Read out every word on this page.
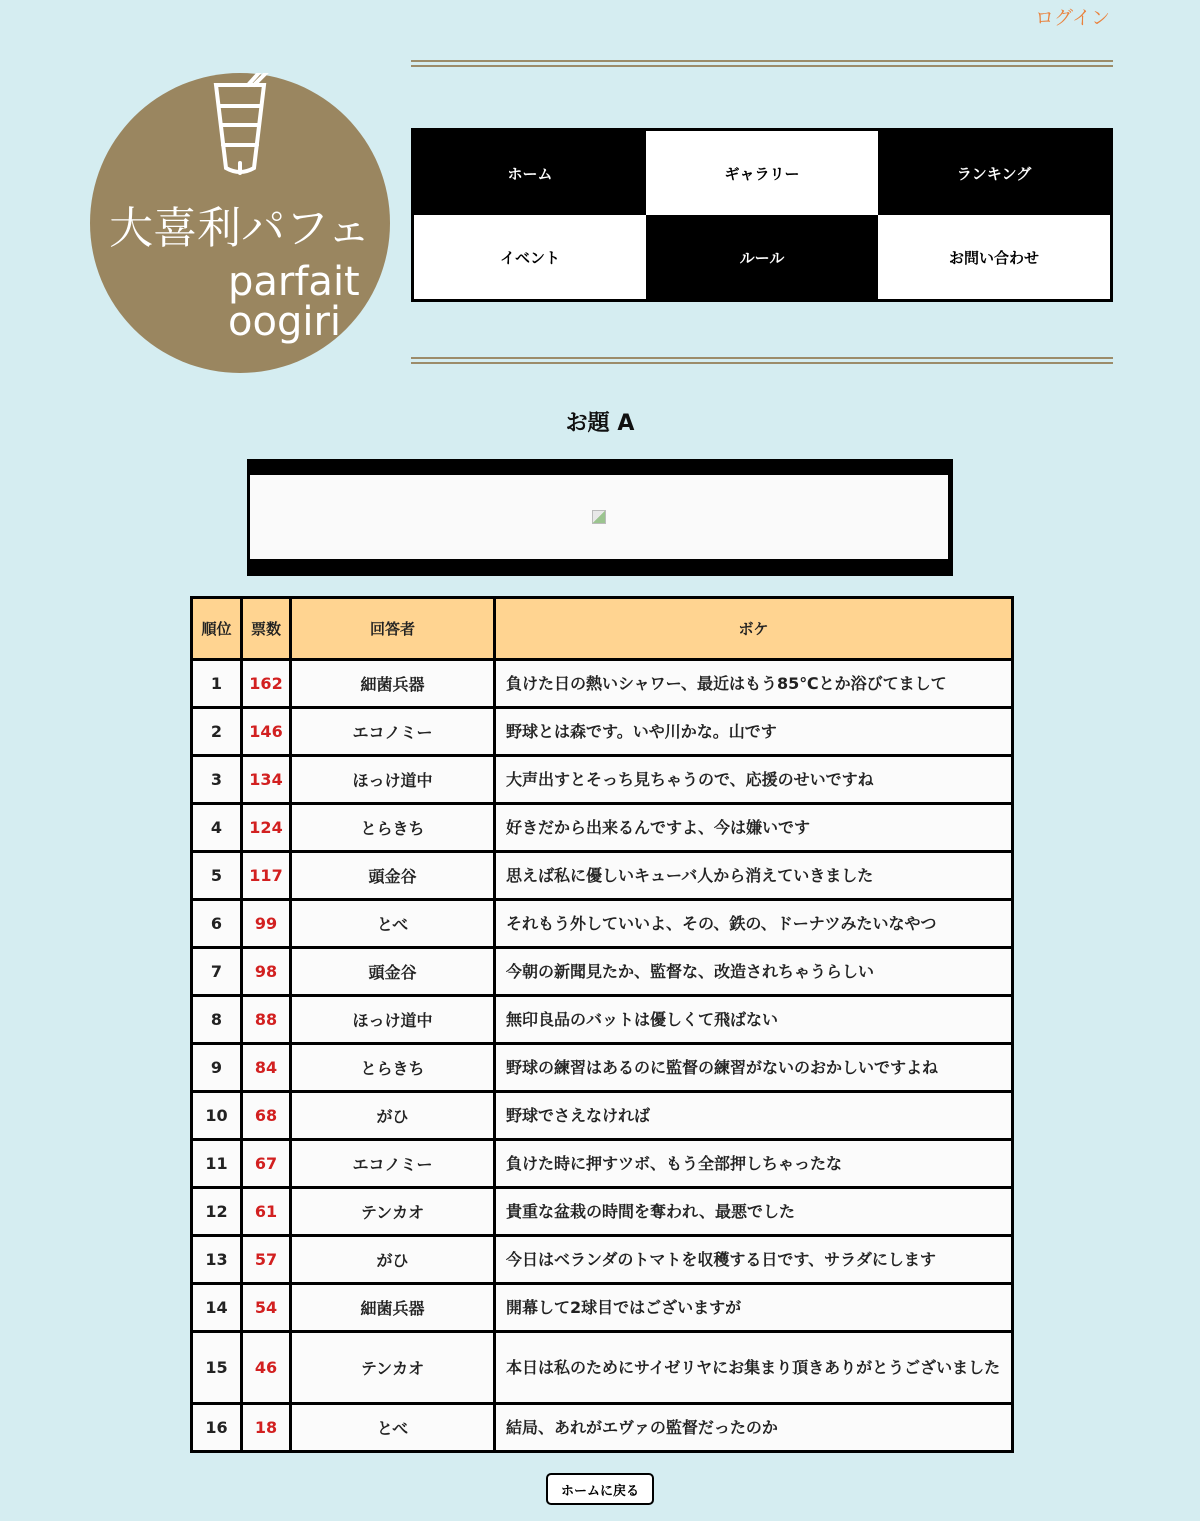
ログイン
大喜利パフェ
parfait
oogiri
ホーム	ギャラリー	ランキング
イベント	ルール	お問い合わせ
お題 A
順位	票数	回答者	ボケ
1	162	細菌兵器	負けた日の熱いシャワー、最近はもう85℃とか浴びてまして
2	146	エコノミー	野球とは森です。いや川かな。山です
3	134	ほっけ道中	大声出すとそっち見ちゃうので、応援のせいですね
4	124	とらきち	好きだから出来るんですよ、今は嫌いです
5	117	頭金谷	思えば私に優しいキューバ人から消えていきました
6	99	とべ	それもう外していいよ、その、鉄の、ドーナツみたいなやつ
7	98	頭金谷	今朝の新聞見たか、監督な、改造されちゃうらしい
8	88	ほっけ道中	無印良品のバットは優しくて飛ばない
9	84	とらきち	野球の練習はあるのに監督の練習がないのおかしいですよね
10	68	がひ	野球でさえなければ
11	67	エコノミー	負けた時に押すツボ、もう全部押しちゃったな
12	61	テンカオ	貴重な盆栽の時間を奪われ、最悪でした
13	57	がひ	今日はベランダのトマトを収穫する日です、サラダにします
14	54	細菌兵器	開幕して2球目ではございますが
15	46	テンカオ	本日は私のためにサイゼリヤにお集まり頂きありがとうございました
16	18	とべ	結局、あれがエヴァの監督だったのか
ホームに戻る
